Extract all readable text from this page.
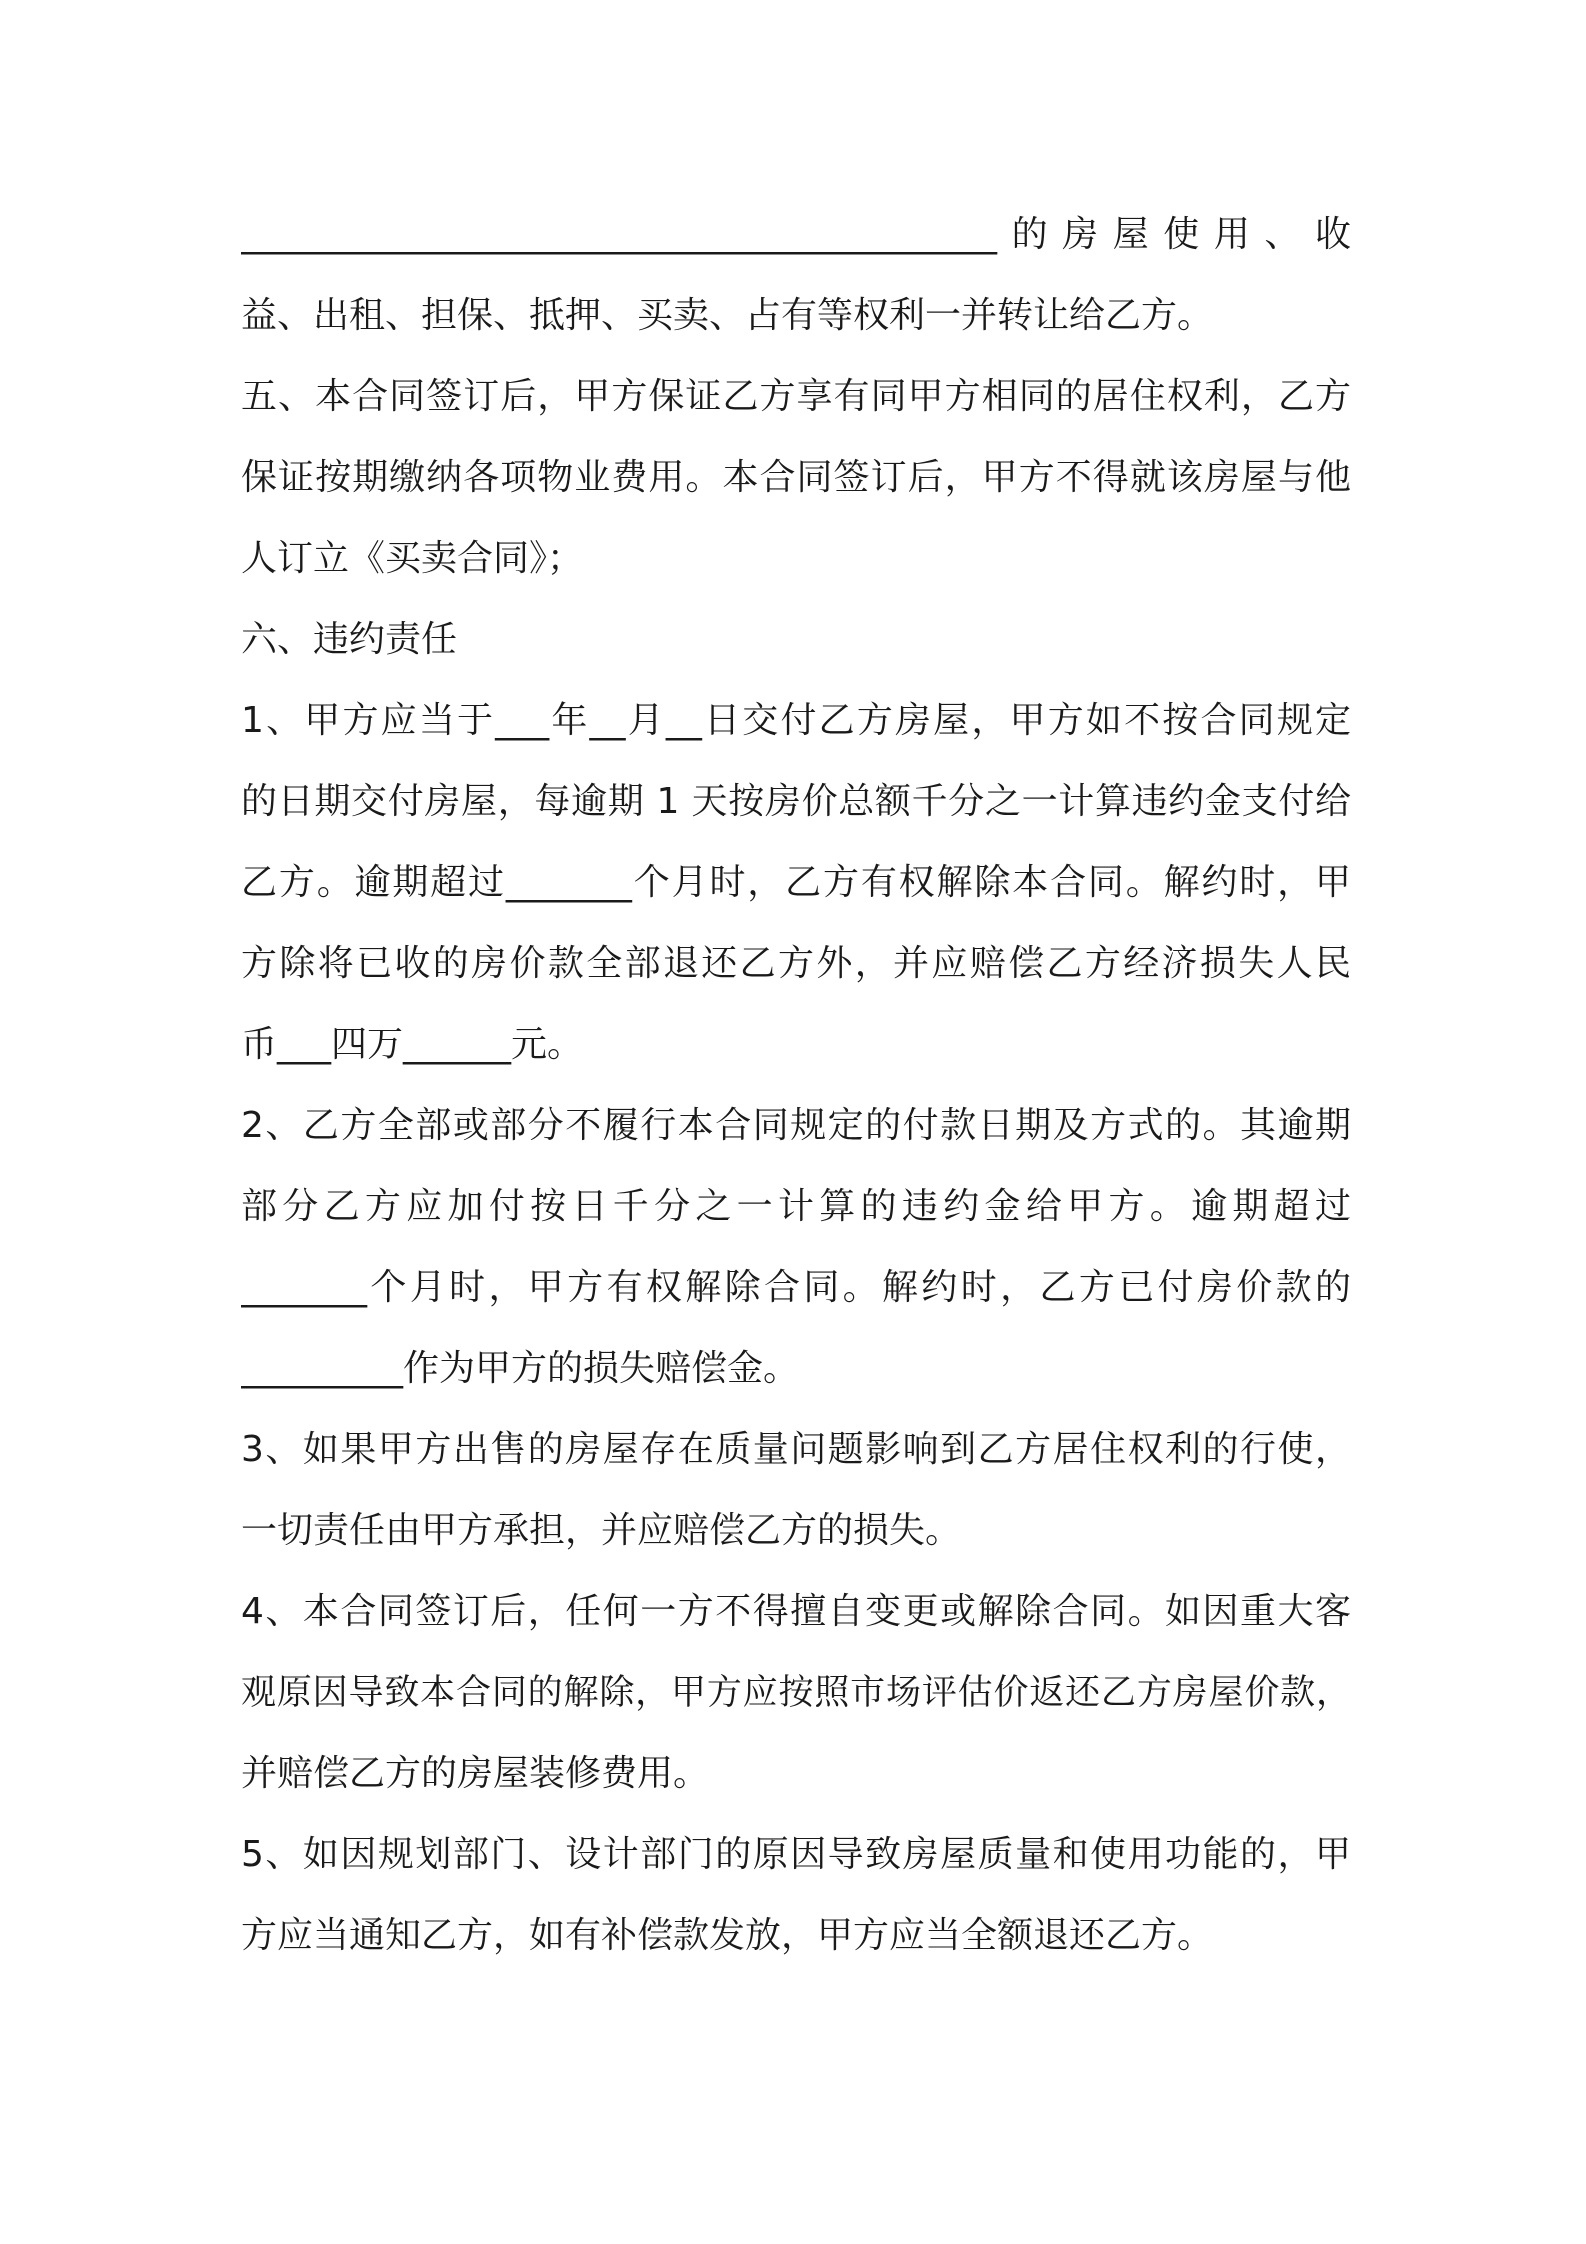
__________________________________________的房屋使用、收
益、出租、担保、抵押、买卖、占有等权利一并转让给乙方。
五、本合同签订后，甲方保证乙方享有同甲方相同的居住权利，乙方
保证按期缴纳各项物业费用。本合同签订后，甲方不得就该房屋与他
人订立《买卖合同》；
六、违约责任
1、甲方应当于___年__月__日交付乙方房屋，甲方如不按合同规定
的日期交付房屋，每逾期 1 天按房价总额千分之一计算违约金支付给
乙方。逾期超过_______个月时，乙方有权解除本合同。解约时，甲
方除将已收的房价款全部退还乙方外，并应赔偿乙方经济损失人民
币___四万______元。
2、乙方全部或部分不履行本合同规定的付款日期及方式的。其逾期
部分乙方应加付按日千分之一计算的违约金给甲方。逾期超过
_______个月时，甲方有权解除合同。解约时，乙方已付房价款的
_________作为甲方的损失赔偿金。
3、如果甲方出售的房屋存在质量问题影响到乙方居住权利的行使，
一切责任由甲方承担，并应赔偿乙方的损失。
4、本合同签订后，任何一方不得擅自变更或解除合同。如因重大客
观原因导致本合同的解除，甲方应按照市场评估价返还乙方房屋价款，
并赔偿乙方的房屋装修费用。
5、如因规划部门、设计部门的原因导致房屋质量和使用功能的，甲
方应当通知乙方，如有补偿款发放，甲方应当全额退还乙方。
